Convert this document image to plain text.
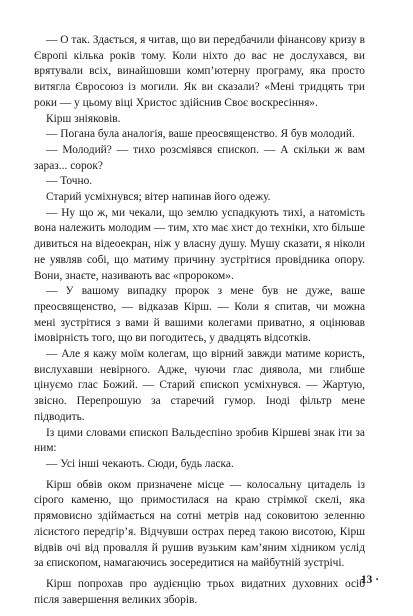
— О так. Здається, я читав, що ви передбачили фінансову кризу в Європі кілька років тому. Коли ніхто до вас не дослухався, ви врятували всіх, винайшовши комп’ютерну програму, яка просто витягла Євросоюз із могили. Як ви сказали? «Мені тридцять три роки — у цьому віці Христос здійснив Своє воскресіння».

Кірш зніяковів.

— Погана була аналогія, ваше преосвященство. Я був молодий.

— Молодий? — тихо розсміявся єпископ. — А скільки ж вам зараз... сорок?

— Точно.

Старий усміхнувся; вітер напинав його одежу.

— Ну що ж, ми чекали, що землю успадкують тихі, а натомість вона належить молодим — тим, хто має хист до техніки, хто більше дивиться на відеоекран, ніж у власну душу. Мушу сказати, я ніколи не уявляв собі, що матиму причину зустрітися провідника опору. Вони, знаєте, називають вас «пророком».

— У вашому випадку пророк з мене був не дуже, ваше преосвященство, — відказав Кірш. — Коли я спитав, чи можна мені зустрітися з вами й вашими колегами приватно, я оцінював імовірність того, що ви погодитесь, у двадцять відсотків.

— Але я кажу моїм колегам, що вірний завжди матиме користь, вислухавши невірного. Адже, чуючи глас диявола, ми глибше цінуємо глас Божий. — Старий єпископ усміхнувся. — Жартую, звісно. Перепрошую за старечий гумор. Іноді фільтр мене підводить.

Із цими словами єпископ Вальдеспіно зробив Кіршеві знак іти за ним:

— Усі інші чекають. Сюди, будь ласка.

Кірш обвів оком призначене місце — колосальну цитадель із сірого каменю, що примостилася на краю стрімкої скелі, яка прямовисно здіймається на сотні метрів над соковитою зеленню лісистого передгір’я. Відчувши острах перед такою висотою, Кірш відвів очі від провалля й рушив вузьким кам’яним хідником услід за єпископом, намагаючись зосередитися на майбутній зустрічі.

Кірш попрохав про аудієнцію трьох видатних духовних осіб після завершення великих зборів.

13 ·
